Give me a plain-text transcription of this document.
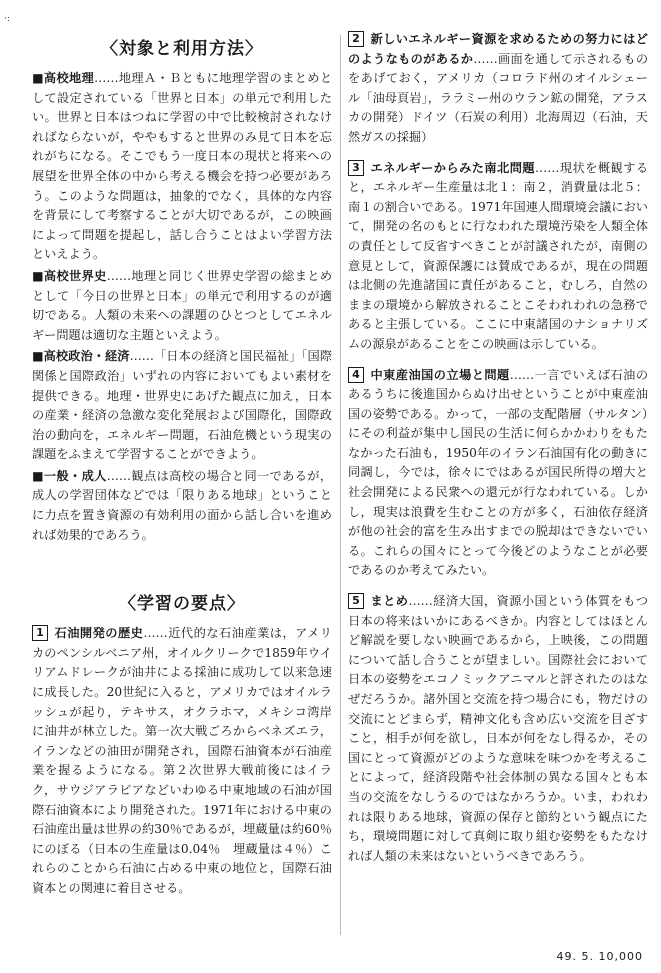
·:
〈対象と利用方法〉

■高校地理……地理Ａ・Ｂともに地理学習のまとめとして設定されている「世界と日本」の単元で利用したい。世界と日本はつねに学習の中で比較検討されなければならないが，ややもすると世界のみ見て日本を忘れがちになる。そこでもう一度日本の現状と将来への展望を世界全体の中から考える機会を持つ必要があろう。このような問題は，抽象的でなく，具体的な内容を背景にして考察することが大切であるが，この映画によって問題を提起し，話し合うことはよい学習方法といえよう。

■高校世界史……地理と同じく世界史学習の総まとめとして「今日の世界と日本」の単元で利用するのが適切である。人類の未来への課題のひとつとしてエネルギー問題は適切な主題といえよう。

■高校政治・経済……「日本の経済と国民福祉」「国際関係と国際政治」いずれの内容においてもよい素材を提供できる。地理・世界史にあげた観点に加え，日本の産業・経済の急激な変化発展および国際化，国際政治の動向を，エネルギー問題，石油危機という現実の課題をふまえて学習することができよう。

■一般・成人……観点は高校の場合と同一であるが，成人の学習団体などでは「限りある地球」ということに力点を置き資源の有効利用の面から話し合いを進めれば効果的であろう。

〈学習の要点〉

1 石油開発の歴史……近代的な石油産業は，アメリカのペンシルベニア州，オイルクリークで1859年ウイリアムドレークが油井による採油に成功して以来急速に成長した。20世紀に入ると，アメリカではオイルラッシュが起り，テキサス，オクラホマ，メキシコ湾岸に油井が林立した。第一次大戦ごろからベネズエラ，イランなどの油田が開発され，国際石油資本が石油産業を握るようになる。第２次世界大戦前後にはイラク，サウジアラビアなどいわゆる中東地域の石油が国際石油資本により開発された。1971年における中東の石油産出量は世界の約30％であるが，埋蔵量は約60％にのぼる（日本の生産量は0.04％　埋蔵量は４％）これらのことから石油に占める中東の地位と，国際石油資本との関連に着目させる。

2 新しいエネルギー資源を求めるための努力にはどのようなものがあるか……画面を通して示されるものをあげておく，アメリカ（コロラド州のオイルシェール「油母頁岩」，ララミー州のウラン鉱の開発，アラスカの開発）ドイツ（石炭の利用）北海周辺（石油，天然ガスの採掘）

3 エネルギーからみた南北問題……現状を概観すると，エネルギー生産量は北１：南２，消費量は北５：南１の割合いである。1971年国連人間環境会議において，開発の名のもとに行なわれた環境汚染を人類全体の責任として反省すべきことが討議されたが，南側の意見として，資源保護には賛成であるが，現在の問題は北側の先進諸国に責任があること，むしろ，自然のままの環境から解放されることこそわれわれの急務であると主張している。ここに中東諸国のナショナリズムの源泉があることをこの映画は示している。

4 中東産油国の立場と問題……一言でいえば石油のあるうちに後進国からぬけ出せということが中東産油国の姿勢である。かって，一部の支配階層（サルタン）にその利益が集中し国民の生活に何らかかわりをもたなかった石油も，1950年のイラン石油国有化の動きに同調し，今では，徐々にではあるが国民所得の増大と社会開発による民衆への還元が行なわれている。しかし，現実は浪費を生むことの方が多く，石油依存経済が他の社会的富を生み出すまでの脱却はできないでいる。これらの国々にとって今後どのようなことが必要であるのか考えてみたい。

5 まとめ……経済大国，資源小国という体質をもつ日本の将来はいかにあるべきか。内容としてはほとんど解説を要しない映画であるから，上映後，この問題について話し合うことが望ましい。国際社会において日本の姿勢をエコノミックアニマルと評されたのはなぜだろうか。諸外国と交流を持つ場合にも，物だけの交流にとどまらず，精神文化も含め広い交流を目ざすこと，相手が何を欲し，日本が何をなし得るか，その国にとって資源がどのような意味を味つかを考えることによって，経済段階や社会体制の異なる国々とも本当の交流をなしうるのではなかろうか。いま，われわれは限りある地球，資源の保存と節約という観点にたち，環境問題に対して真剣に取り組む姿勢をもたなければ人類の未来はないというべきであろう。

49. 5. 10,000
